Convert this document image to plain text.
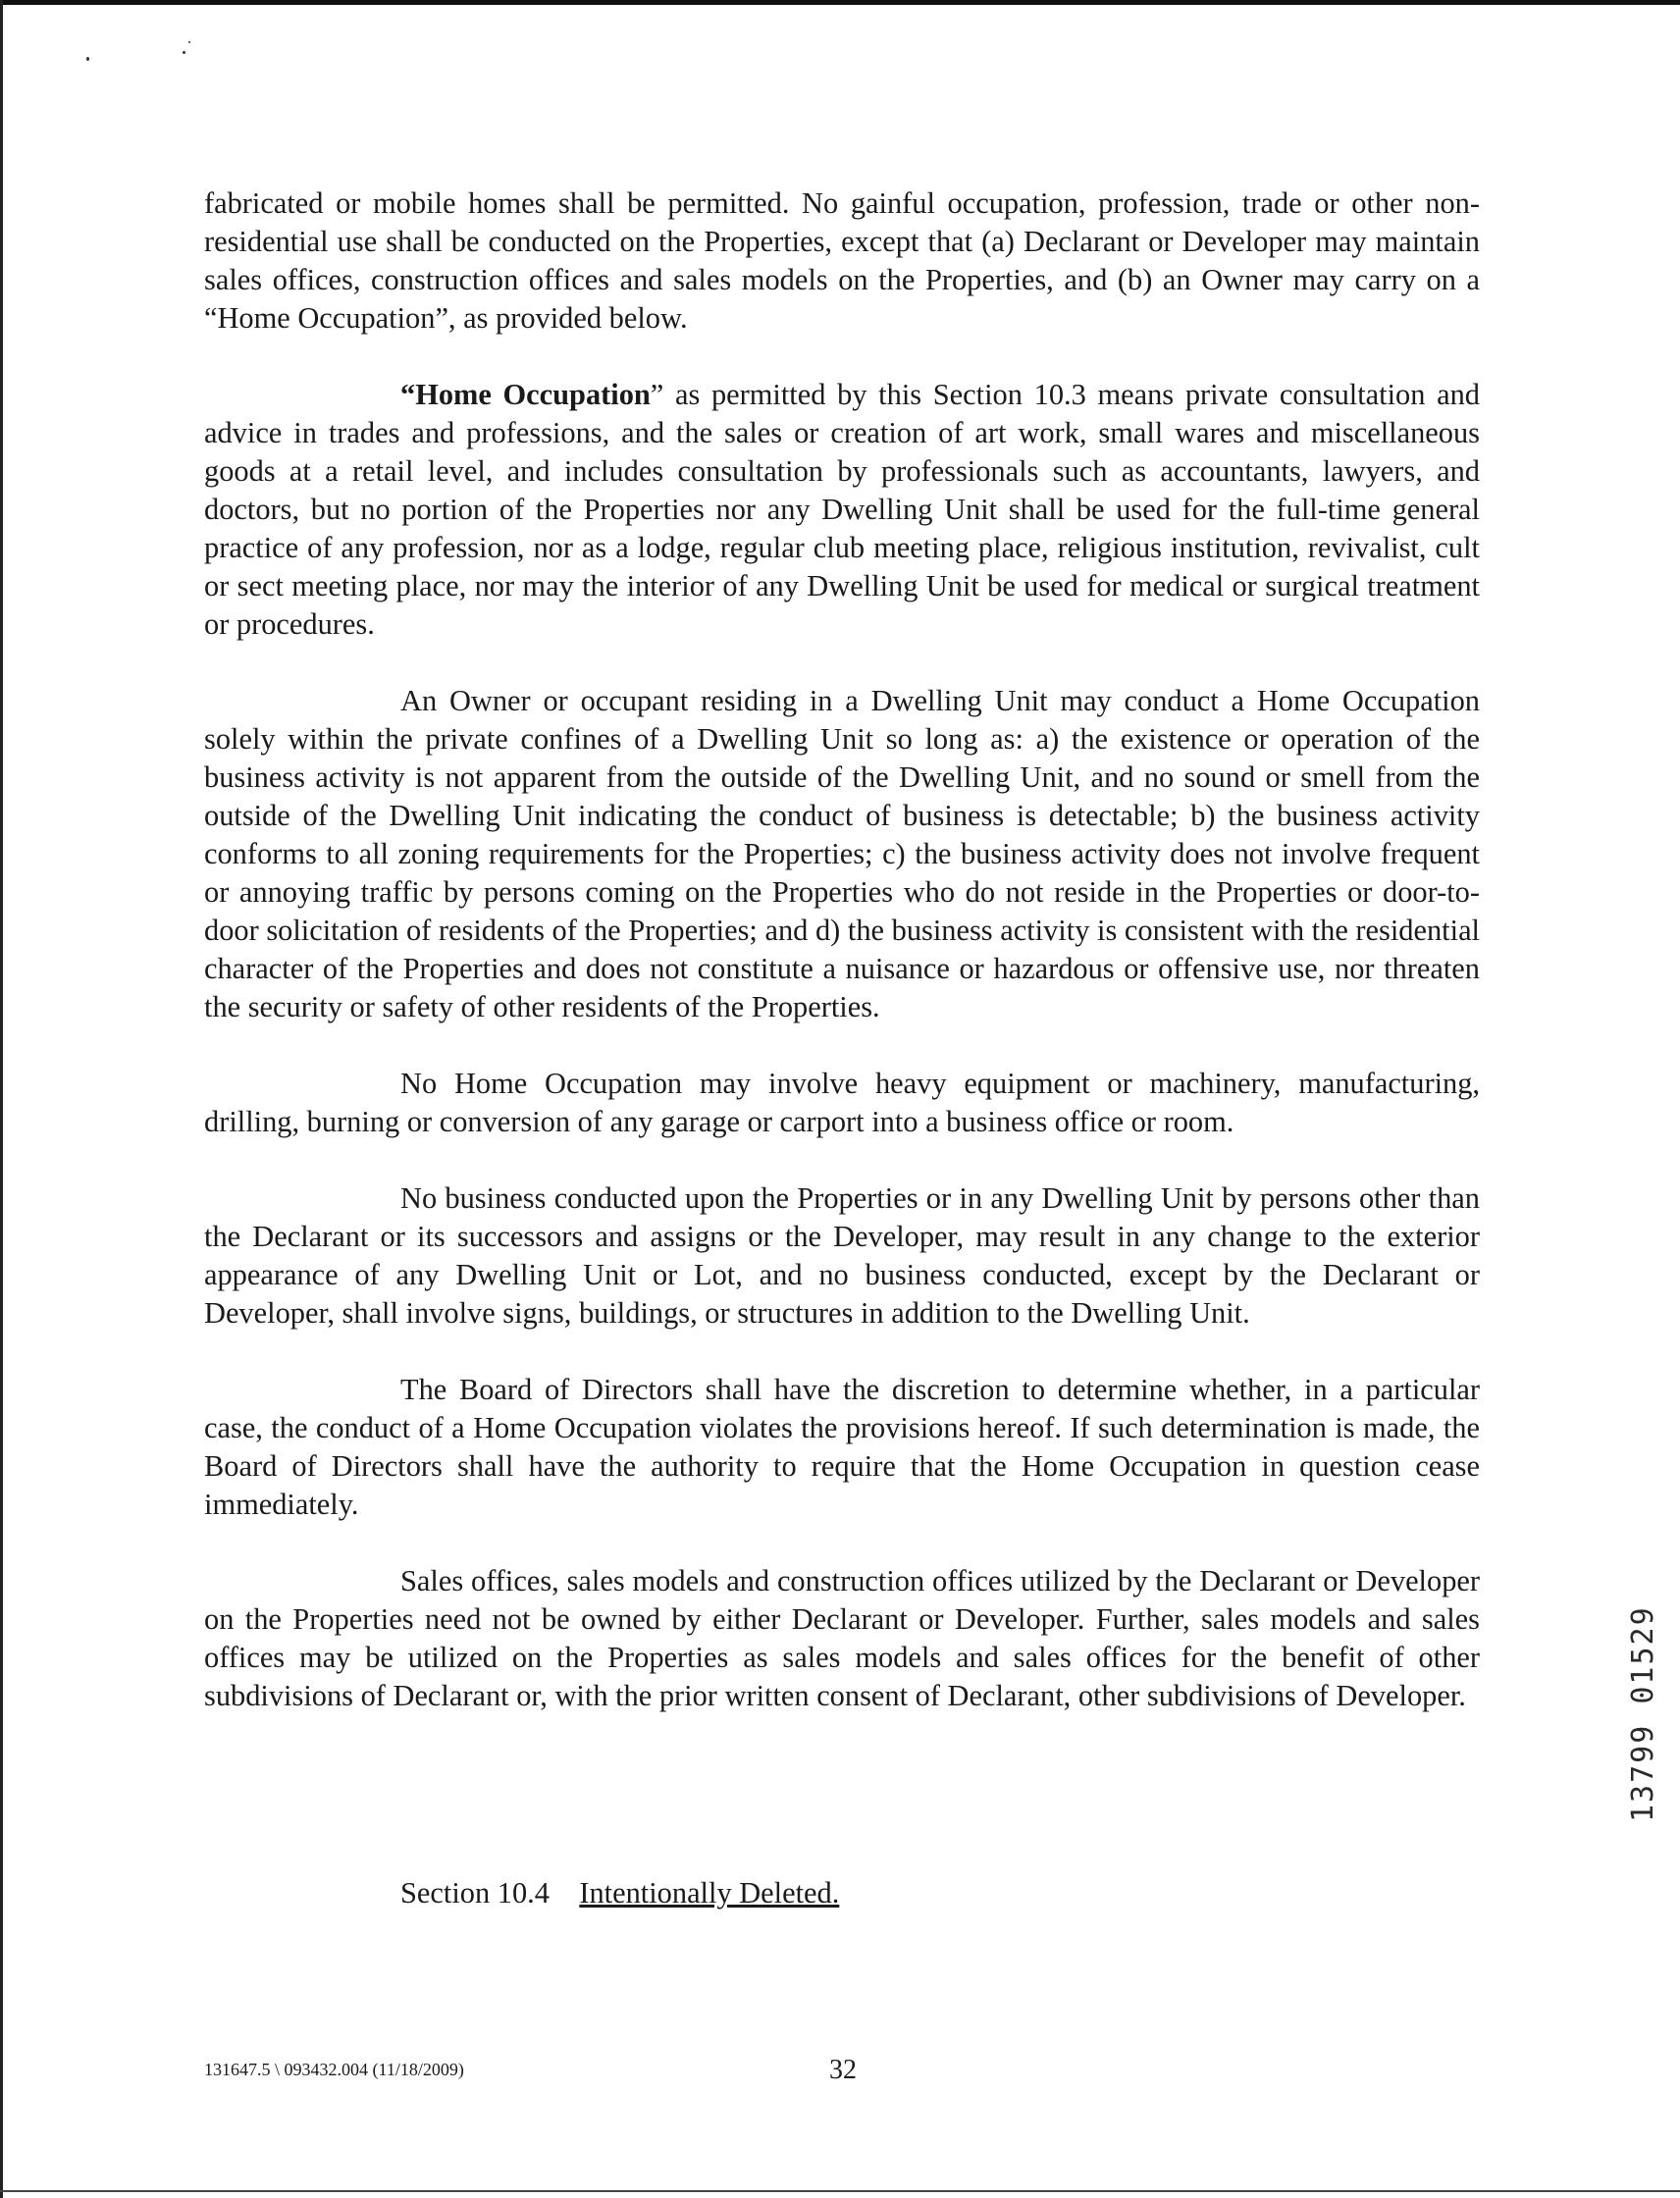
fabricated or mobile homes shall be permitted. No gainful occupation, profession, trade or other non-residential use shall be conducted on the Properties, except that (a) Declarant or Developer may maintain sales offices, construction offices and sales models on the Properties, and (b) an Owner may carry on a “Home Occupation”, as provided below.

“Home Occupation” as permitted by this Section 10.3 means private consultation and advice in trades and professions, and the sales or creation of art work, small wares and miscellaneous goods at a retail level, and includes consultation by professionals such as accountants, lawyers, and doctors, but no portion of the Properties nor any Dwelling Unit shall be used for the full-time general practice of any profession, nor as a lodge, regular club meeting place, religious institution, revivalist, cult or sect meeting place, nor may the interior of any Dwelling Unit be used for medical or surgical treatment or procedures.

An Owner or occupant residing in a Dwelling Unit may conduct a Home Occupation solely within the private confines of a Dwelling Unit so long as: a) the existence or operation of the business activity is not apparent from the outside of the Dwelling Unit, and no sound or smell from the outside of the Dwelling Unit indicating the conduct of business is detectable; b) the business activity conforms to all zoning requirements for the Properties; c) the business activity does not involve frequent or annoying traffic by persons coming on the Properties who do not reside in the Properties or door-to-door solicitation of residents of the Properties; and d) the business activity is consistent with the residential character of the Properties and does not constitute a nuisance or hazardous or offensive use, nor threaten the security or safety of other residents of the Properties.

No Home Occupation may involve heavy equipment or machinery, manufacturing, drilling, burning or conversion of any garage or carport into a business office or room.

No business conducted upon the Properties or in any Dwelling Unit by persons other than the Declarant or its successors and assigns or the Developer, may result in any change to the exterior appearance of any Dwelling Unit or Lot, and no business conducted, except by the Declarant or Developer, shall involve signs, buildings, or structures in addition to the Dwelling Unit.

The Board of Directors shall have the discretion to determine whether, in a particular case, the conduct of a Home Occupation violates the provisions hereof. If such determination is made, the Board of Directors shall have the authority to require that the Home Occupation in question cease immediately.

Sales offices, sales models and construction offices utilized by the Declarant or Developer on the Properties need not be owned by either Declarant or Developer. Further, sales models and sales offices may be utilized on the Properties as sales models and sales offices for the benefit of other subdivisions of Declarant or, with the prior written consent of Declarant, other subdivisions of Developer.

Section 10.4 Intentionally Deleted.
131647.5 \ 093432.004 (11/18/2009)	32
13799 01529
